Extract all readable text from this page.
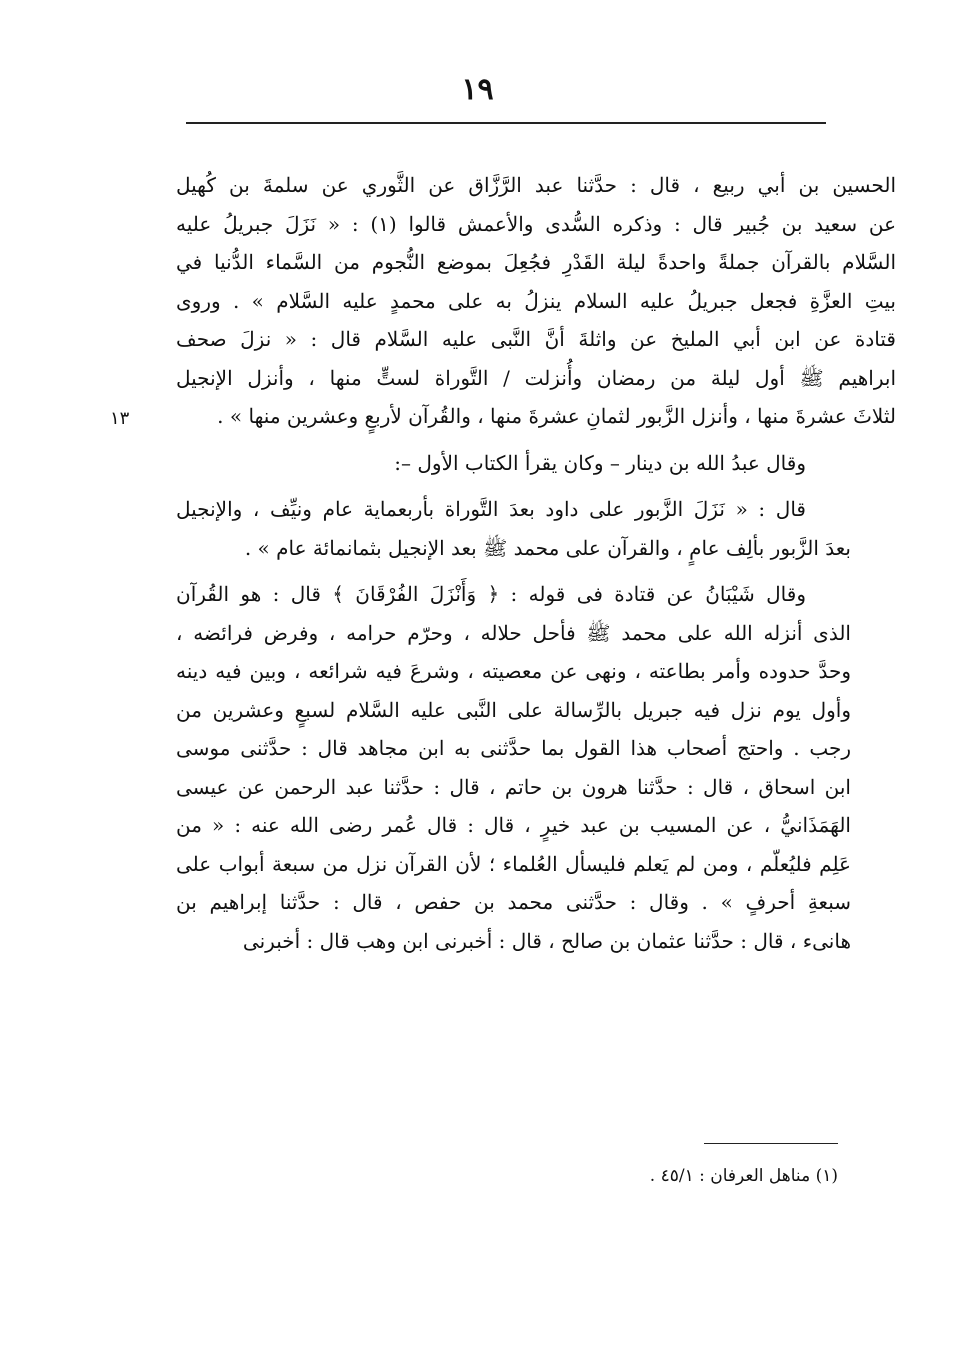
١٩
١٣
الحسين بن أبي ربيع ، قال : حدَّثنا عبد الرَّزَّاق عن الثَّوري عن سلمةَ بن كُهيل
عن سعيد بن جُبير قال : وذكره السُّدى والأعمش قالوا (١) : « نَزَلَ جبريلُ عليه
السَّلام بالقرآن جملةً واحدةً ليلة القَدْرِ فجُعِلَ بموضع النُّجوم من السَّماء الدُّنيا في
بيتِ العزَّةِ فجعل جبريلُ عليه السلام ينزلُ به على محمدٍ عليه السَّلام » . وروى
قتادة عن ابن أبي المليخ عن واثلةَ أنَّ النَّبى عليه السَّلام قال : « نزلَ صحف
ابراهيم ﷺ أول ليلة من رمضان وأُنزلت / التَّوراة لستٍّ منها ، وأنزل الإنجيل
لثلاثَ عشرةَ منها ، وأنزل الزَّبور لثمانِ عشرةَ منها ، والقُرآن لأربعٍ وعشرين منها » .
وقال عبدُ الله بن دينار – وكان يقرأ الكتاب الأول –:
قال : « نَزَلَ الزَّبور على داود بعدَ التَّوراة بأربعماية عام ونيِّف ، والإنجيل
بعدَ الزَّبور بألِف عامٍ ، والقرآن على محمد ﷺ بعد الإنجيل بثمانمائة عام » .
وقال شَيْبَانُ عن قتادة فى قوله : ﴿ وَأَنْزَلَ الفُرْقَانَ ﴾ قال : هو القُرآن
الذى أنزله الله على محمد ﷺ فأحل حلاله ، وحرّم حرامه ، وفرض فرائضه ،
وحدَّ حدوده وأمر بطاعته ، ونهى عن معصيته ، وشرعَ فيه شرائعه ، وبين فيه دينه
وأول يوم نزل فيه جبريل بالرِّسالة على النَّبى عليه السَّلام لسبعٍ وعشرين من
رجب . واحتج أصحاب هذا القول بما حدَّثنى به ابن مجاهد قال : حدَّثنى موسى
ابن اسحاق ، قال : حدَّثنا هرون بن حاتم ، قال : حدَّثنا عبد الرحمن عن عيسى
الهَمَذَانيُّ ، عن المسيب بن عبد خيرٍ ، قال : قال عُمر رضى الله عنه : « من
عَلِم فليُعلّم ، ومن لم يَعلم فليسأل العُلماء ؛ لأن القرآن نزل من سبعة أبواب على
سبعةِ أحرفٍ » . وقال : حدَّثنى محمد بن حفص ، قال : حدَّثنا إبراهيم بن
هانىء ، قال : حدَّثنا عثمان بن صالح ، قال : أخبرنى ابن وهب قال : أخبرنى
(١) مناهل العرفان : ٤٥/١ .
